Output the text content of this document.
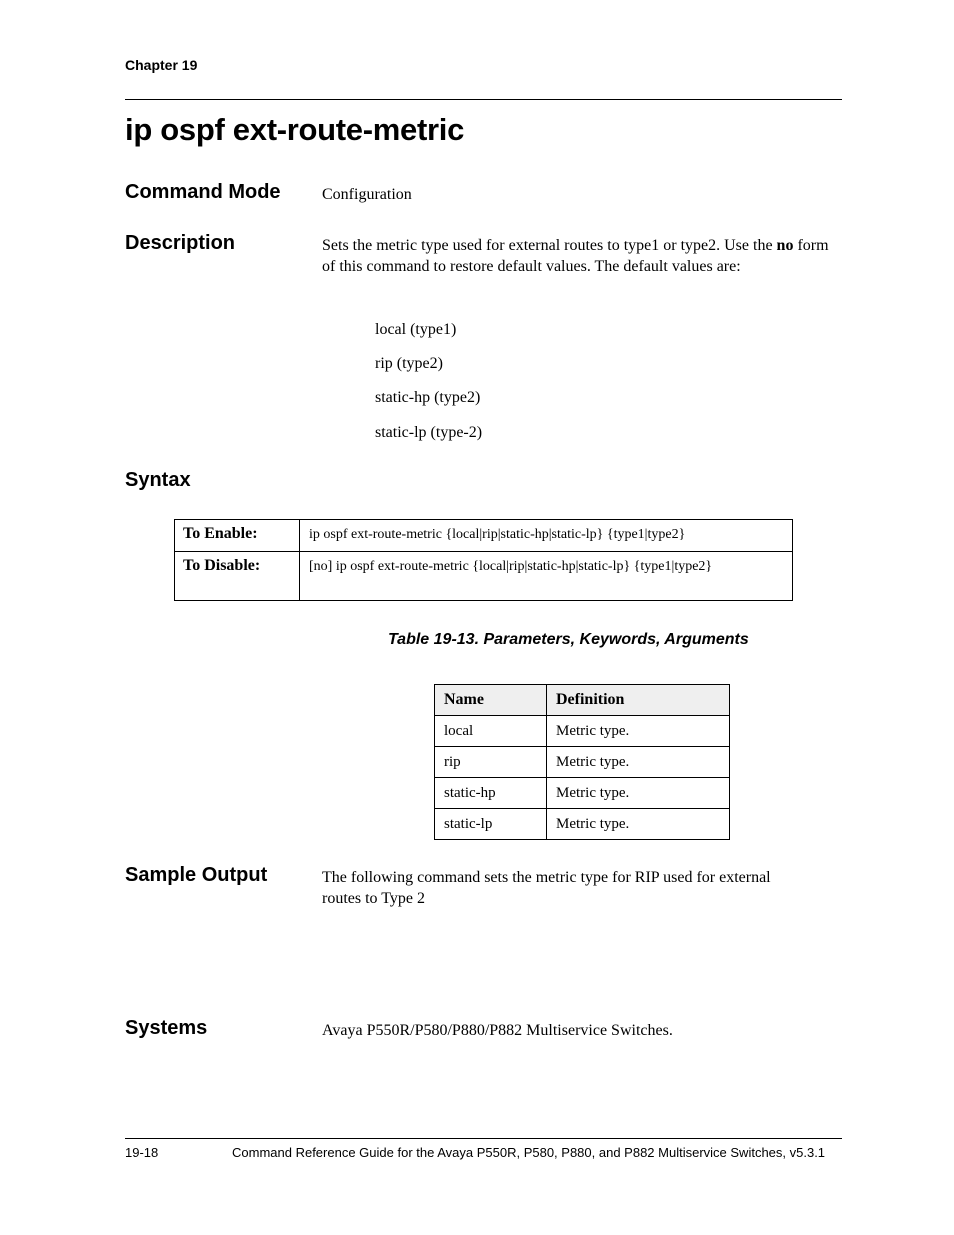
Chapter 19
ip ospf ext-route-metric
Command Mode	Configuration
Description	Sets the metric type used for external routes to type1 or type2. Use the no form of this command to restore default values. The default values are:
local (type1)
rip (type2)
static-hp (type2)
static-lp (type-2)
Syntax
To Enable:	ip ospf ext-route-metric {local|rip|static-hp|static-lp} {type1|type2}
To Disable:	[no] ip ospf ext-route-metric {local|rip|static-hp|static-lp} {type1|type2}
Table 19-13. Parameters, Keywords, Arguments
Name	Definition
local	Metric type.
rip	Metric type.
static-hp	Metric type.
static-lp	Metric type.
Sample Output	The following command sets the metric type for RIP used for external routes to Type 2
Systems	Avaya P550R/P580/P880/P882 Multiservice Switches.
19-18	Command Reference Guide for the Avaya P550R, P580, P880, and P882 Multiservice Switches, v5.3.1
